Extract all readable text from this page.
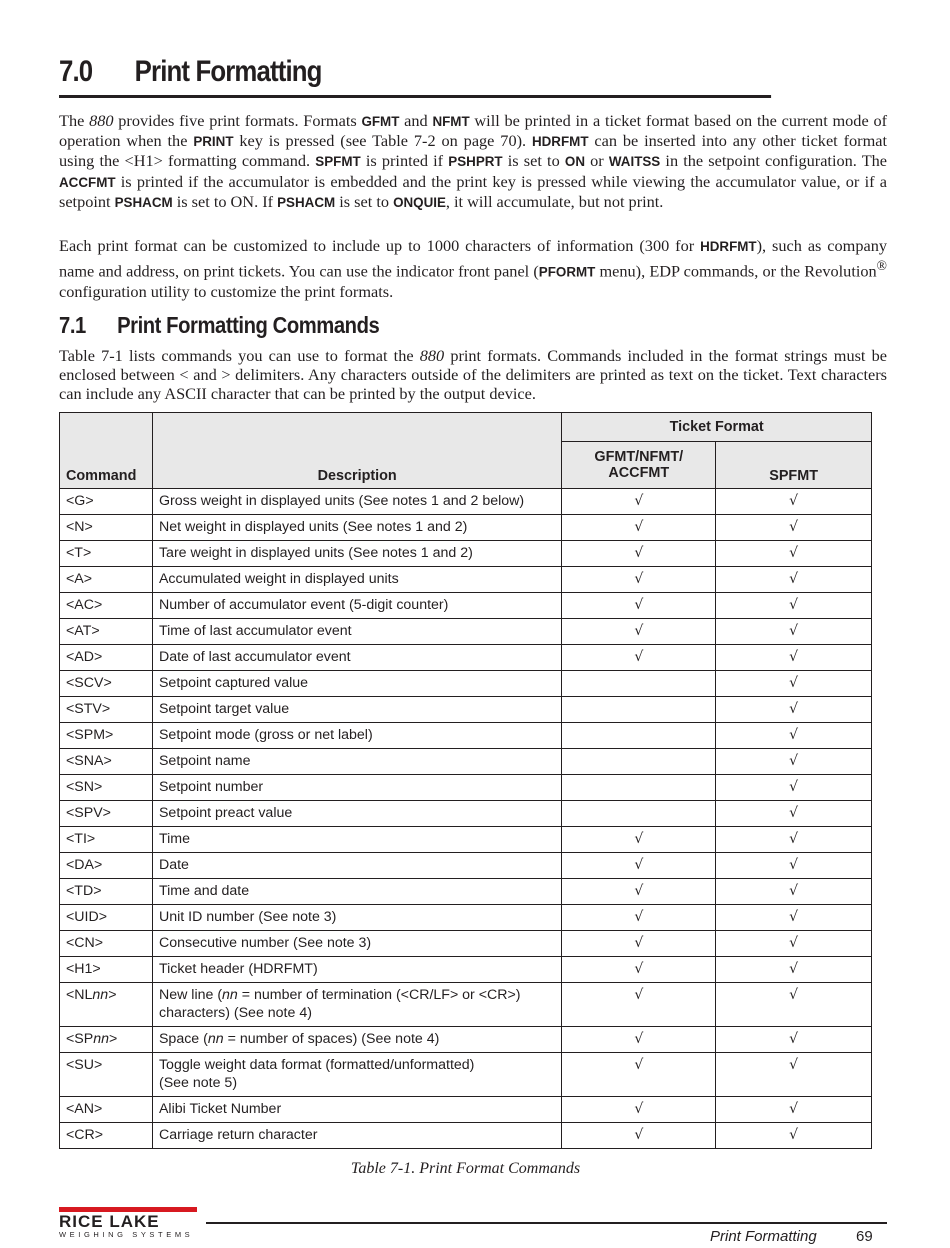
7.0 Print Formatting
The 880 provides five print formats. Formats GFMT and NFMT will be printed in a ticket format based on the current mode of operation when the PRINT key is pressed (see Table 7-2 on page 70). HDRFMT can be inserted into any other ticket format using the <H1> formatting command. SPFMT is printed if PSHPRT is set to ON or WAITSS in the setpoint configuration. The ACCFMT is printed if the accumulator is embedded and the print key is pressed while viewing the accumulator value, or if a setpoint PSHACM is set to ON. If PSHACM is set to ONQUIE, it will accumulate, but not print.
Each print format can be customized to include up to 1000 characters of information (300 for HDRFMT), such as company name and address, on print tickets. You can use the indicator front panel (PFORMT menu), EDP commands, or the Revolution® configuration utility to customize the print formats.
7.1 Print Formatting Commands
Table 7-1 lists commands you can use to format the 880 print formats. Commands included in the format strings must be enclosed between < and > delimiters. Any characters outside of the delimiters are printed as text on the ticket. Text characters can include any ASCII character that can be printed by the output device.
Command	Description	Ticket Format	
		GFMT/NFMT/
ACCFMT	SPFMT
<G>	Gross weight in displayed units (See notes 1 and 2 below)	√	√
<N>	Net weight in displayed units (See notes 1 and 2)	√	√
<T>	Tare weight in displayed units (See notes 1 and 2)	√	√
<A>	Accumulated weight in displayed units	√	√
<AC>	Number of accumulator event (5-digit counter)	√	√
<AT>	Time of last accumulator event	√	√
<AD>	Date of last accumulator event	√	√
<SCV>	Setpoint captured value		√
<STV>	Setpoint target value		√
<SPM>	Setpoint mode (gross or net label)		√
<SNA>	Setpoint name		√
<SN>	Setpoint number		√
<SPV>	Setpoint preact value		√
<TI>	Time	√	√
<DA>	Date	√	√
<TD>	Time and date	√	√
<UID>	Unit ID number (See note 3)	√	√
<CN>	Consecutive number (See note 3)	√	√
<H1>	Ticket header (HDRFMT)	√	√
<NLnn>	New line (nn = number of termination (<CR/LF> or <CR>)
characters) (See note 4)	√	√
<SPnn>	Space (nn = number of spaces) (See note 4)	√	√
<SU>	Toggle weight data format (formatted/unformatted)
(See note 5)	√	√
<AN>	Alibi Ticket Number	√	√
<CR>	Carriage return character	√	√
Table 7-1. Print Format Commands
RICE LAKE
WEIGHING SYSTEMS	Print Formatting	69
